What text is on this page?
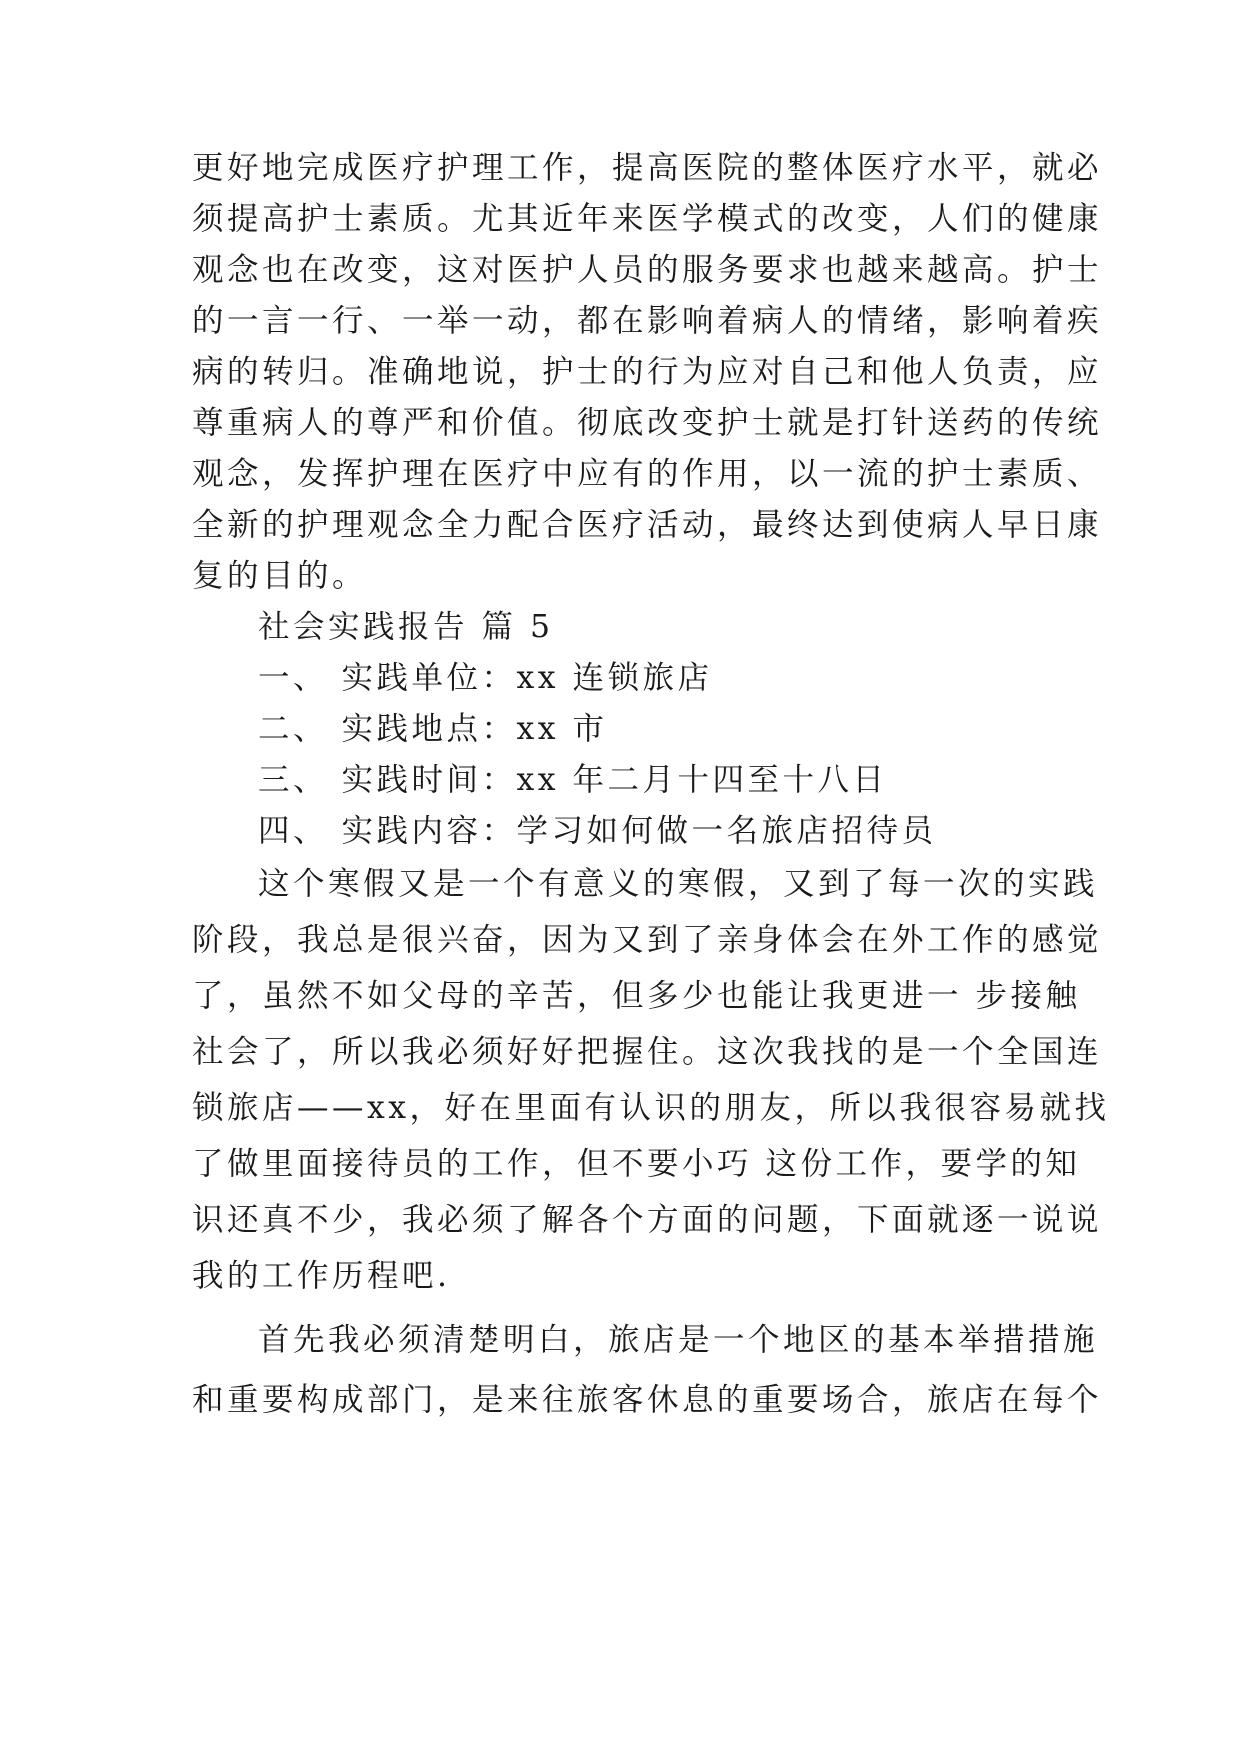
更好地完成医疗护理工作，提高医院的整体医疗水平，就必
须提高护士素质。尤其近年来医学模式的改变，人们的健康
观念也在改变，这对医护人员的服务要求也越来越高。护士
的一言一行、一举一动，都在影响着病人的情绪，影响着疾
病的转归。准确地说，护士的行为应对自己和他人负责，应
尊重病人的尊严和价值。彻底改变护士就是打针送药的传统
观念，发挥护理在医疗中应有的作用，以一流的护士素质、
全新的护理观念全力配合医疗活动，最终达到使病人早日康
复的目的。
社会实践报告 篇 5
一、 实践单位：xx 连锁旅店
二、 实践地点：xx 市
三、 实践时间：xx 年二月十四至十八日
四、 实践内容：学习如何做一名旅店招待员
这个寒假又是一个有意义的寒假，又到了每一次的实践
阶段，我总是很兴奋，因为又到了亲身体会在外工作的感觉
了，虽然不如父母的辛苦，但多少也能让我更进一 步接触
社会了，所以我必须好好把握住。这次我找的是一个全国连
锁旅店——xx，好在里面有认识的朋友，所以我很容易就找
了做里面接待员的工作，但不要小巧 这份工作，要学的知
识还真不少，我必须了解各个方面的问题，下面就逐一说说
我的工作历程吧.
首先我必须清楚明白，旅店是一个地区的基本举措措施
和重要构成部门，是来往旅客休息的重要场合，旅店在每个
